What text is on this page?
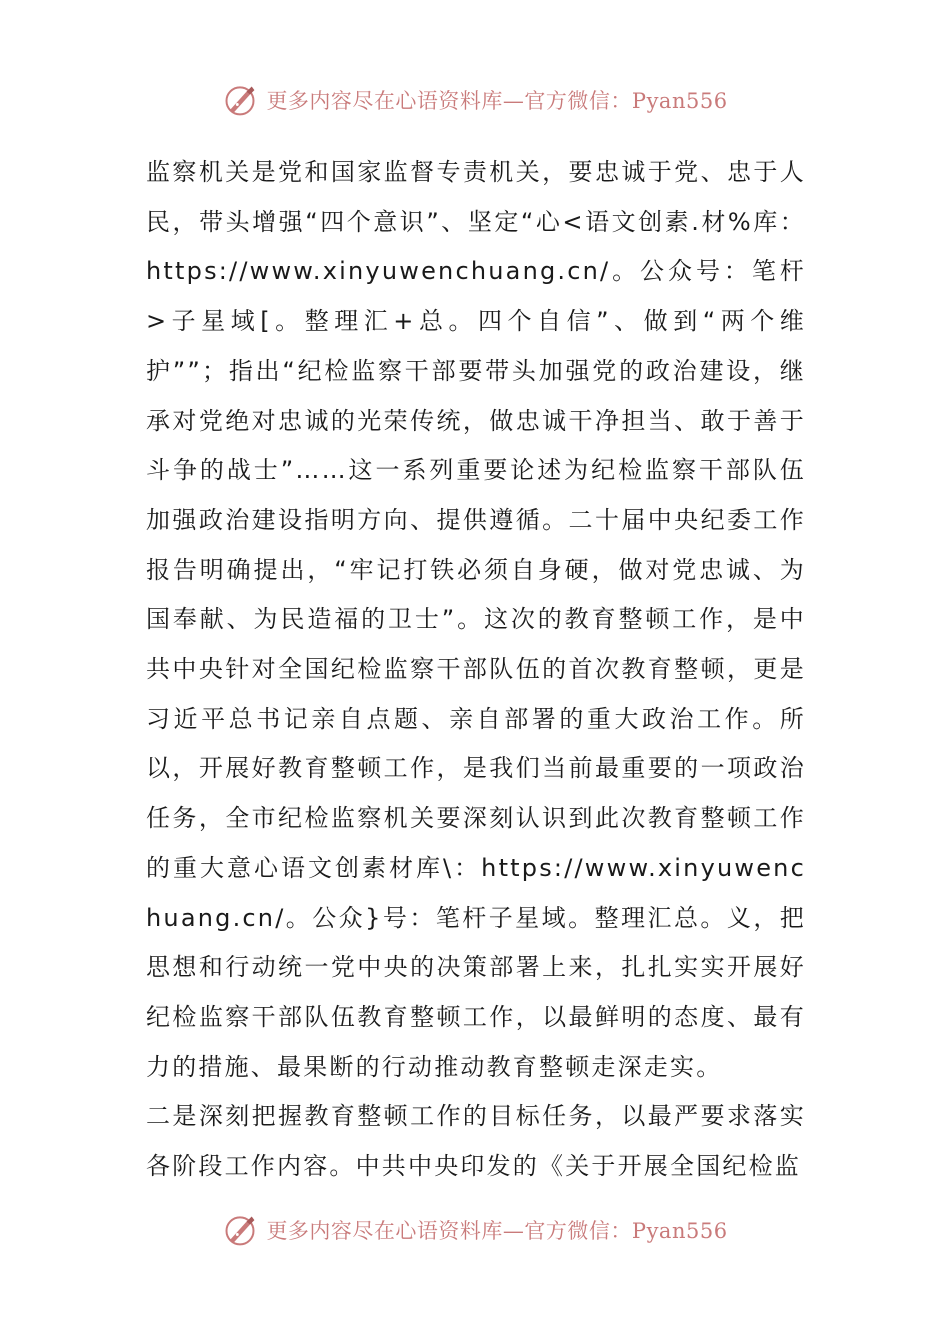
更多内容尽在心语资料库—官方微信：Pyan556

监察机关是党和国家监督专责机关，要忠诚于党、忠于人民，带头增强“四个意识”、坚定“心<语文创素.材%库：https://www.xinyuwenchuang.cn/。公众号：笔杆>子星域[。整理汇+总。四个自信”、做到“两个维护””；指出“纪检监察干部要带头加强党的政治建设，继承对党绝对忠诚的光荣传统，做忠诚干净担当、敢于善于斗争的战士”……这一系列重要论述为纪检监察干部队伍加强政治建设指明方向、提供遵循。二十届中央纪委工作报告明确提出，“牢记打铁必须自身硬，做对党忠诚、为国奉献、为民造福的卫士”。这次的教育整顿工作，是中共中央针对全国纪检监察干部队伍的首次教育整顿，更是习近平总书记亲自点题、亲自部署的重大政治工作。所以，开展好教育整顿工作，是我们当前最重要的一项政治任务，全市纪检监察机关要深刻认识到此次教育整顿工作的重大意心语文创素材库\：https://www.xinyuwenchuang.cn/。公众}号：笔杆子星域。整理汇总。义，把思想和行动统一党中央的决策部署上来，扎扎实实开展好纪检监察干部队伍教育整顿工作，以最鲜明的态度、最有力的措施、最果断的行动推动教育整顿走深走实。

二是深刻把握教育整顿工作的目标任务，以最严要求落实各阶段工作内容。中共中央印发的《关于开展全国纪检监

更多内容尽在心语资料库—官方微信：Pyan556
